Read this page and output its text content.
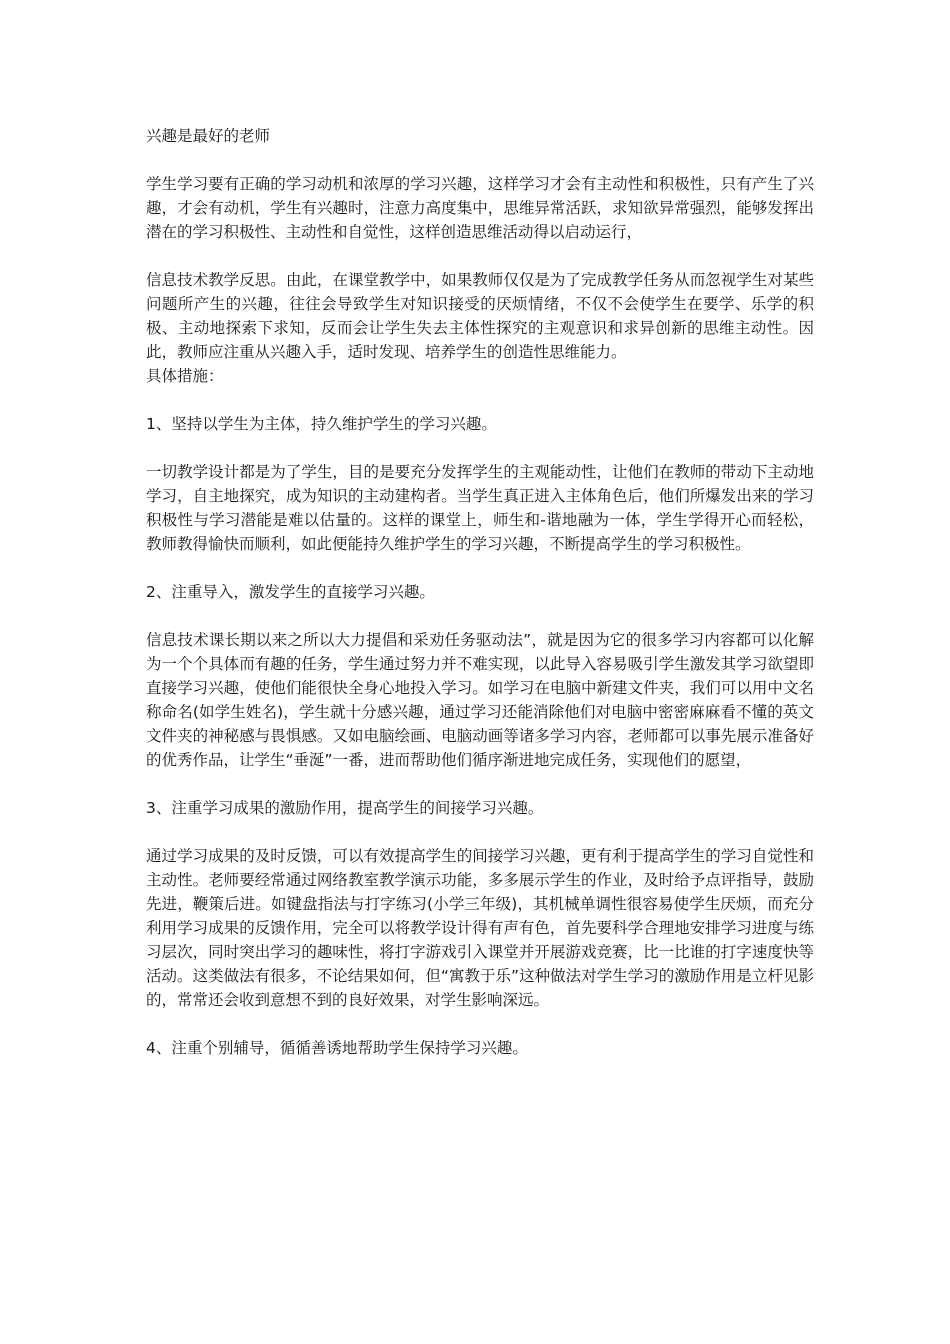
兴趣是最好的老师

学生学习要有正确的学习动机和浓厚的学习兴趣，这样学习才会有主动性和积极性，只有产生了兴趣，才会有动机，学生有兴趣时，注意力高度集中，思维异常活跃，求知欲异常强烈，能够发挥出潜在的学习积极性、主动性和自觉性，这样创造思维活动得以启动运行，

信息技术教学反思。由此，在课堂教学中，如果教师仅仅是为了完成教学任务从而忽视学生对某些问题所产生的兴趣，往往会导致学生对知识接受的厌烦情绪，不仅不会使学生在要学、乐学的积极、主动地探索下求知，反而会让学生失去主体性探究的主观意识和求异创新的思维主动性。因此，教师应注重从兴趣入手，适时发现、培养学生的创造性思维能力。

具体措施：

1、坚持以学生为主体，持久维护学生的学习兴趣。

一切教学设计都是为了学生，目的是要充分发挥学生的主观能动性，让他们在教师的带动下主动地学习，自主地探究，成为知识的主动建构者。当学生真正进入主体角色后，他们所爆发出来的学习积极性与学习潜能是难以估量的。这样的课堂上，师生和-谐地融为一体，学生学得开心而轻松，教师教得愉快而顺利，如此便能持久维护学生的学习兴趣，不断提高学生的学习积极性。

2、注重导入，激发学生的直接学习兴趣。

信息技术课长期以来之所以大力提倡和采劝任务驱动法”，就是因为它的很多学习内容都可以化解为一个个具体而有趣的任务，学生通过努力并不难实现，以此导入容易吸引学生激发其学习欲望即直接学习兴趣，使他们能很快全身心地投入学习。如学习在电脑中新建文件夹，我们可以用中文名称命名(如学生姓名)，学生就十分感兴趣，通过学习还能消除他们对电脑中密密麻麻看不懂的英文文件夹的神秘感与畏惧感。又如电脑绘画、电脑动画等诸多学习内容，老师都可以事先展示准备好的优秀作品，让学生“垂涎”一番，进而帮助他们循序渐进地完成任务，实现他们的愿望，

3、注重学习成果的激励作用，提高学生的间接学习兴趣。

通过学习成果的及时反馈，可以有效提高学生的间接学习兴趣，更有利于提高学生的学习自觉性和主动性。老师要经常通过网络教室教学演示功能，多多展示学生的作业，及时给予点评指导，鼓励先进，鞭策后进。如键盘指法与打字练习(小学三年级)，其机械单调性很容易使学生厌烦，而充分利用学习成果的反馈作用，完全可以将教学设计得有声有色，首先要科学合理地安排学习进度与练习层次，同时突出学习的趣味性，将打字游戏引入课堂并开展游戏竞赛，比一比谁的打字速度快等活动。这类做法有很多，不论结果如何，但“寓教于乐”这种做法对学生学习的激励作用是立杆见影的，常常还会收到意想不到的良好效果，对学生影响深远。

4、注重个别辅导，循循善诱地帮助学生保持学习兴趣。
